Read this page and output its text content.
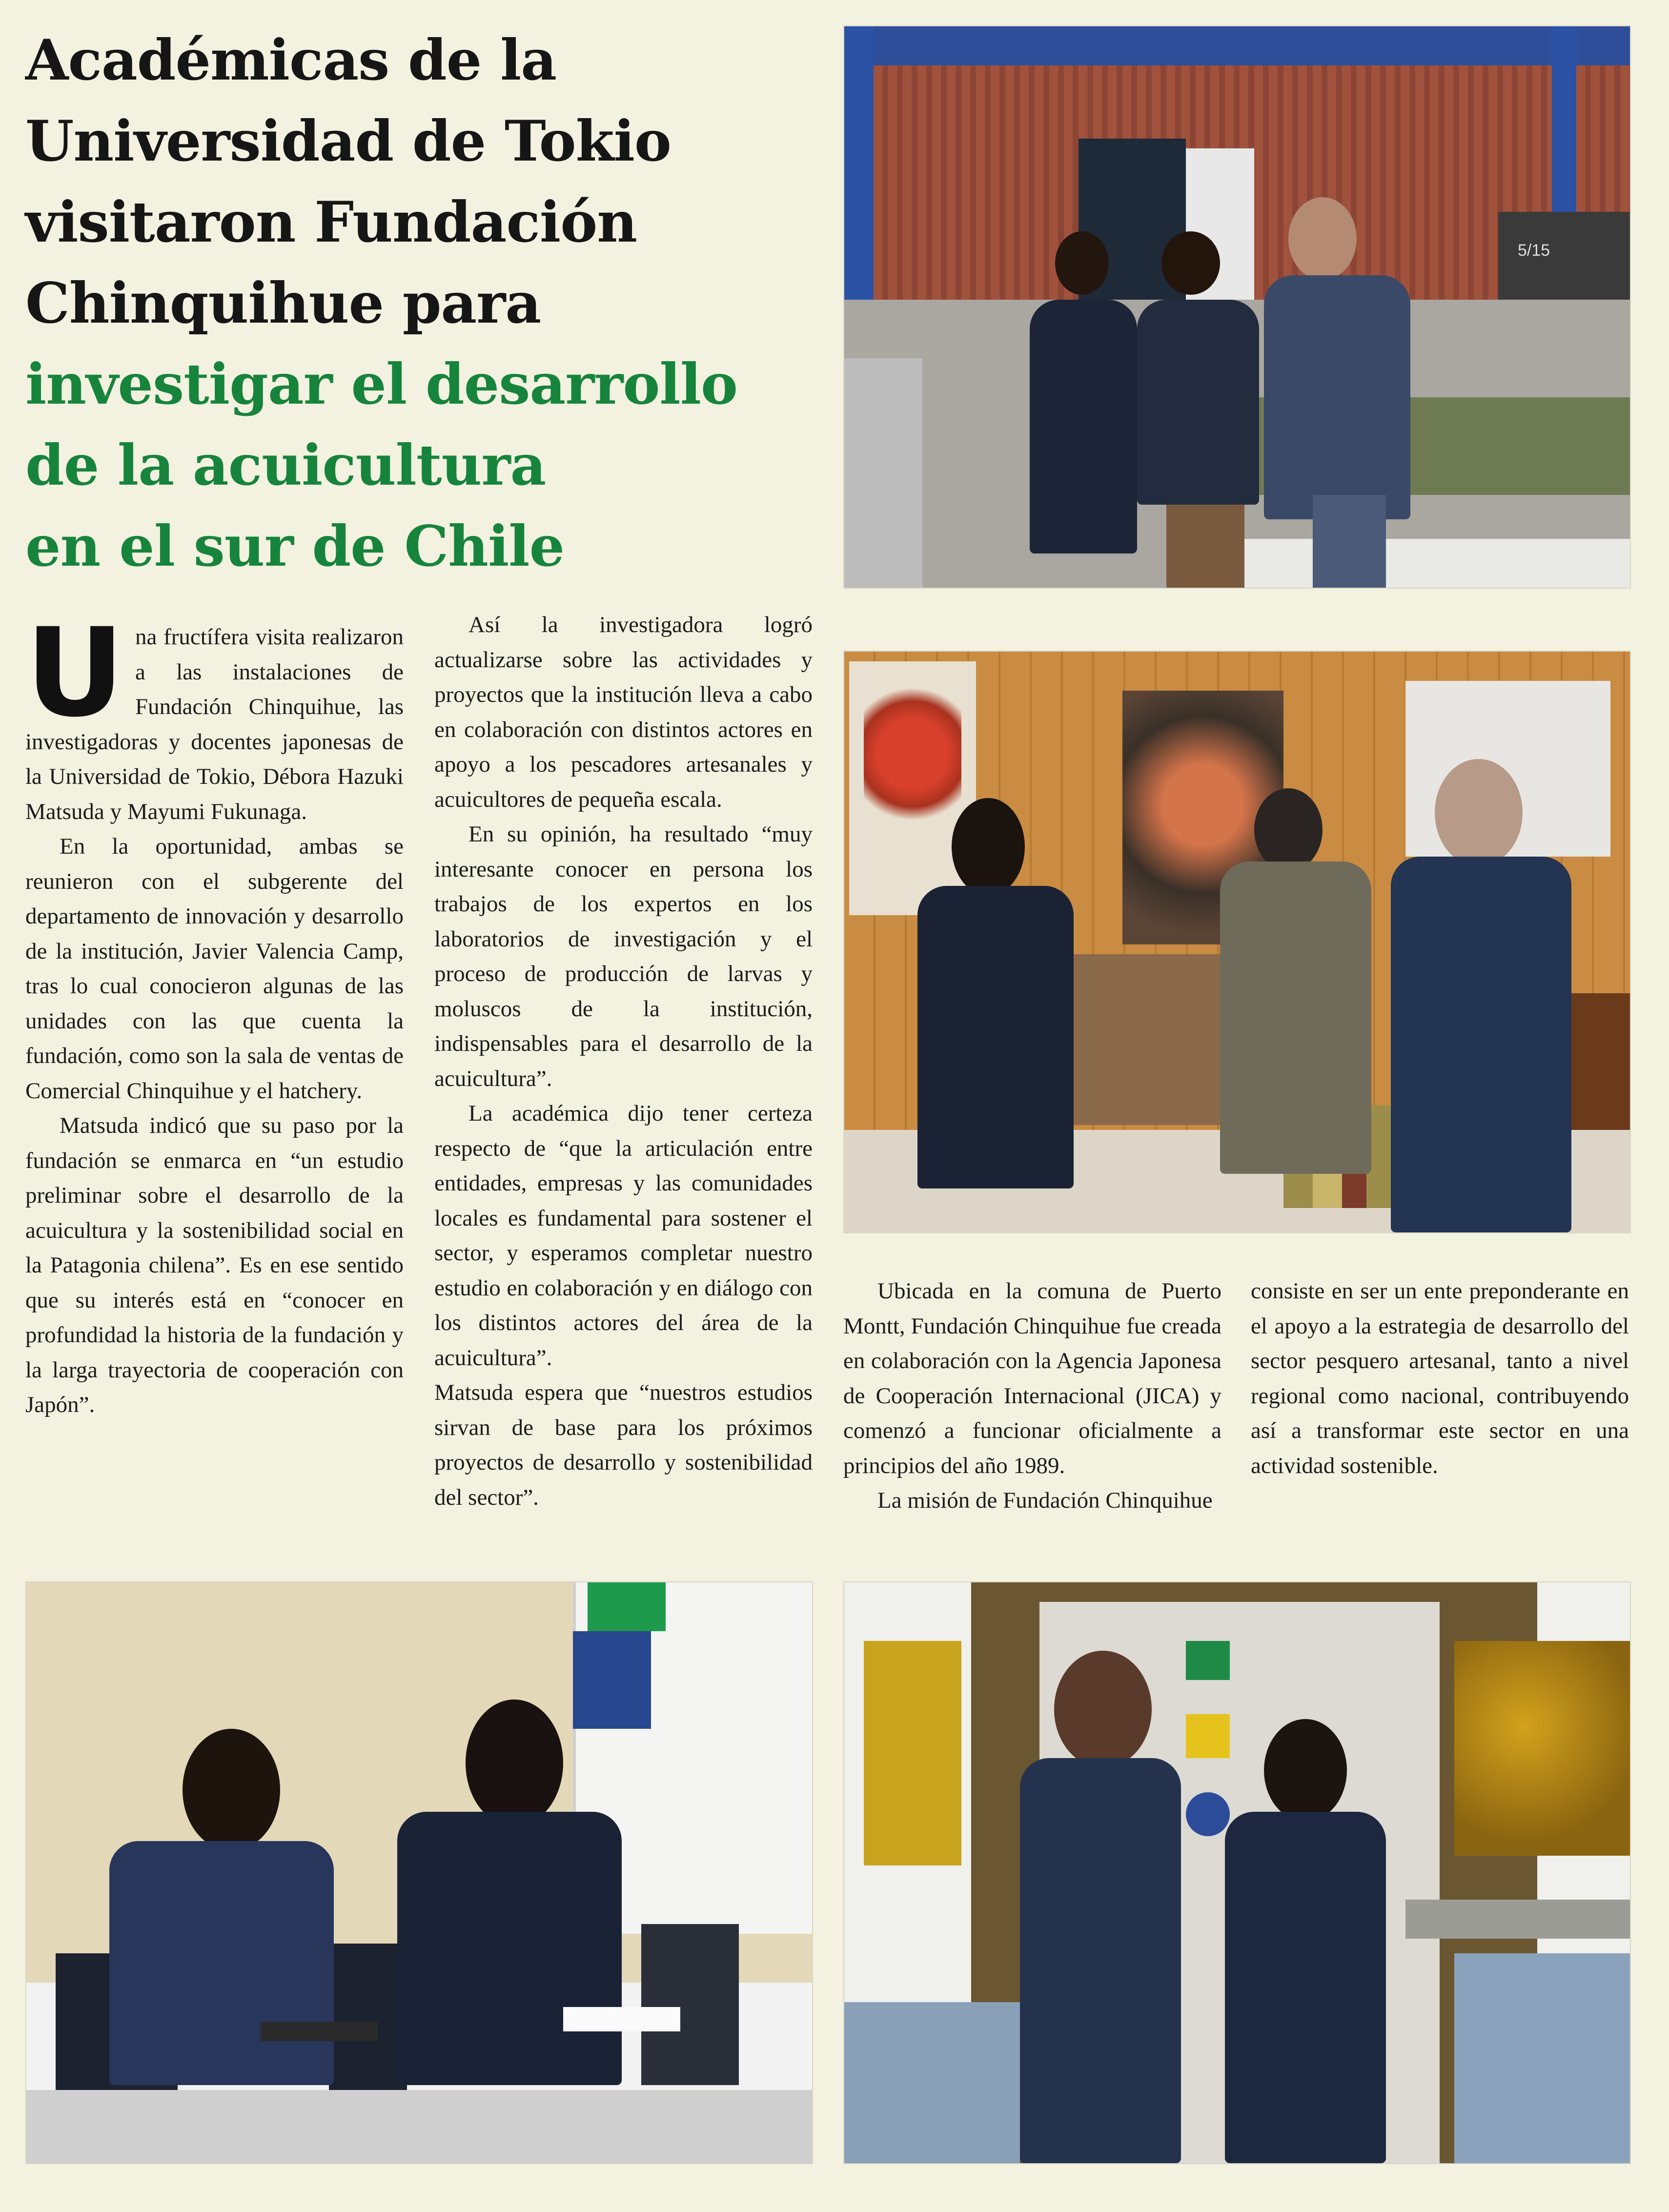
Académicas de la
Universidad de Tokio
visitaron Fundación
Chinquihue para
investigar el desarrollo
de la acuicultura
en el sur de Chile
5/15

Una fructífera visita realizaron a las instalaciones de Fundación Chinquihue, las investigadoras y docentes japonesas de la Universidad de Tokio, Débora Hazuki Matsuda y Mayumi Fukunaga.

En la oportunidad, ambas se reunieron con el subgerente del departamento de innovación y desarrollo de la institución, Javier Valencia Camp, tras lo cual conocieron algunas de las unidades con las que cuenta la fundación, como son la sala de ventas de Comercial Chinquihue y el hatchery.

Matsuda indicó que su paso por la fundación se enmarca en “un estudio preliminar sobre el desarrollo de la acuicultura y la sostenibilidad social en la Patagonia chilena”. Es en ese sentido que su interés está en “conocer en profundidad la historia de la fundación y la larga trayectoria de cooperación con Japón”.

Así la investigadora logró actualizarse sobre las actividades y proyectos que la institución lleva a cabo en colaboración con distintos actores en apoyo a los pescadores artesanales y acuicultores de pequeña escala.

En su opinión, ha resultado “muy interesante conocer en persona los trabajos de los expertos en los laboratorios de investigación y el proceso de producción de larvas y moluscos de la institución, indispensables para el desarrollo de la acuicultura”.

La académica dijo tener certeza respecto de “que la articulación entre entidades, empresas y las comunidades locales es fundamental para sostener el sector, y esperamos completar nuestro estudio en colaboración y en diálogo con los distintos actores del área de la acuicultura”.

Matsuda espera que “nuestros estudios sirvan de base para los próximos proyectos de desarrollo y sostenibilidad del sector”.

Ubicada en la comuna de Puerto Montt, Fundación Chinquihue fue creada en colaboración con la Agencia Japonesa de Cooperación Internacional (JICA) y comenzó a funcionar oficialmente a principios del año 1989.

La misión de Fundación Chinquihue

consiste en ser un ente preponderante en el apoyo a la estrategia de desarrollo del sector pesquero artesanal, tanto a nivel regional como nacional, contribuyendo así a transformar este sector en una actividad sostenible.
